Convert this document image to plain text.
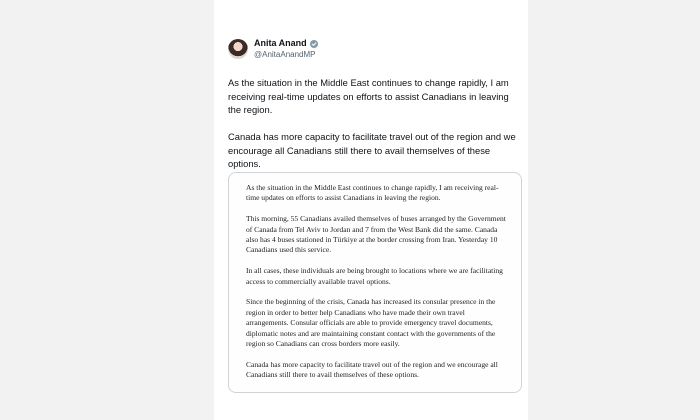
Anita Anand
@AnitaAnandMP

As the situation in the Middle East continues to change rapidly, I am receiving real-time updates on efforts to assist Canadians in leaving the region.

Canada has more capacity to facilitate travel out of the region and we encourage all Canadians still there to avail themselves of these options.

As the situation in the Middle East continues to change rapidly, I am receiving real-time updates on efforts to assist Canadians in leaving the region.

This morning, 55 Canadians availed themselves of buses arranged by the Government of Canada from Tel Aviv to Jordan and 7 from the West Bank did the same. Canada also has 4 buses stationed in Türkiye at the border crossing from Iran. Yesterday 10 Canadians used this service.

In all cases, these individuals are being brought to locations where we are facilitating access to commercially available travel options.

Since the beginning of the crisis, Canada has increased its consular presence in the region in order to better help Canadians who have made their own travel arrangements. Consular officials are able to provide emergency travel documents, diplomatic notes and are maintaining constant contact with the governments of the region so Canadians can cross borders more easily.

Canada has more capacity to facilitate travel out of the region and we encourage all Canadians still there to avail themselves of these options.
